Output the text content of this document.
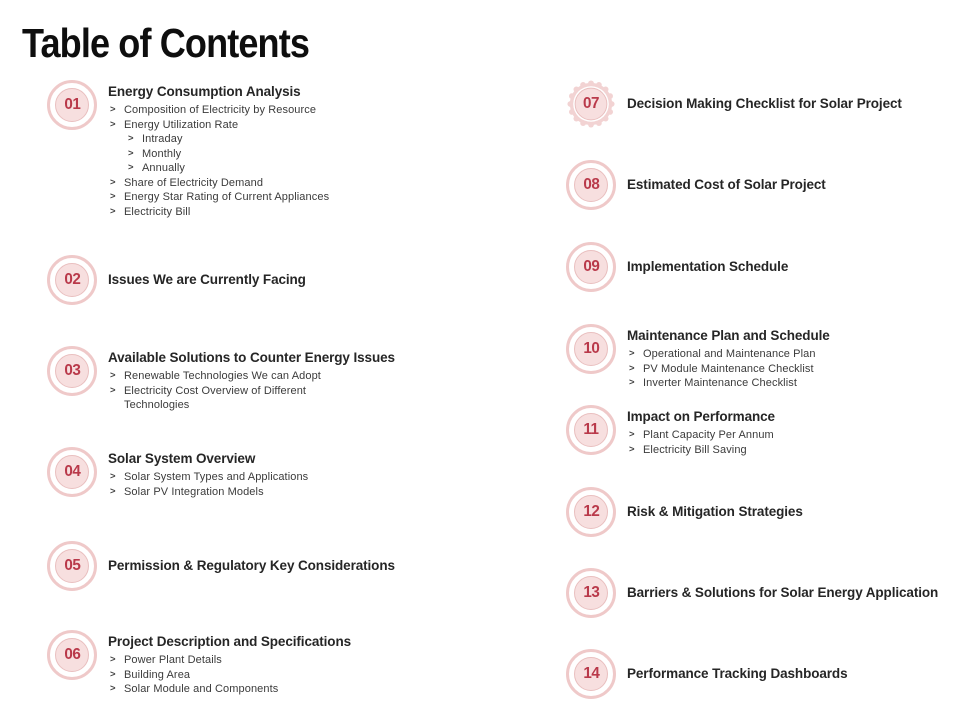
Table of Contents
01
Energy Consumption Analysis
> Composition of Electricity by Resource
> Energy Utilization Rate
> Intraday
> Monthly
> Annually
> Share of Electricity Demand
> Energy Star Rating of Current Appliances
> Electricity Bill
02 Issues We are Currently Facing
03
Available Solutions to Counter Energy Issues
> Renewable Technologies We can Adopt
> Electricity Cost Overview of Different Technologies
04
Solar System Overview
> Solar System Types and Applications
> Solar PV Integration Models
05 Permission & Regulatory Key Considerations
06
Project Description and Specifications
> Power Plant Details
> Building Area
> Solar Module and Components
07	Decision Making Checklist for Solar Project
08 Estimated Cost of Solar Project
09 Implementation Schedule
10
Maintenance Plan and Schedule
> Operational and Maintenance Plan
> PV Module Maintenance Checklist
> Inverter Maintenance Checklist
11
Impact on Performance
> Plant Capacity Per Annum
> Electricity Bill Saving
12 Risk & Mitigation Strategies
13 Barriers & Solutions for Solar Energy Application
14 Performance Tracking Dashboards
